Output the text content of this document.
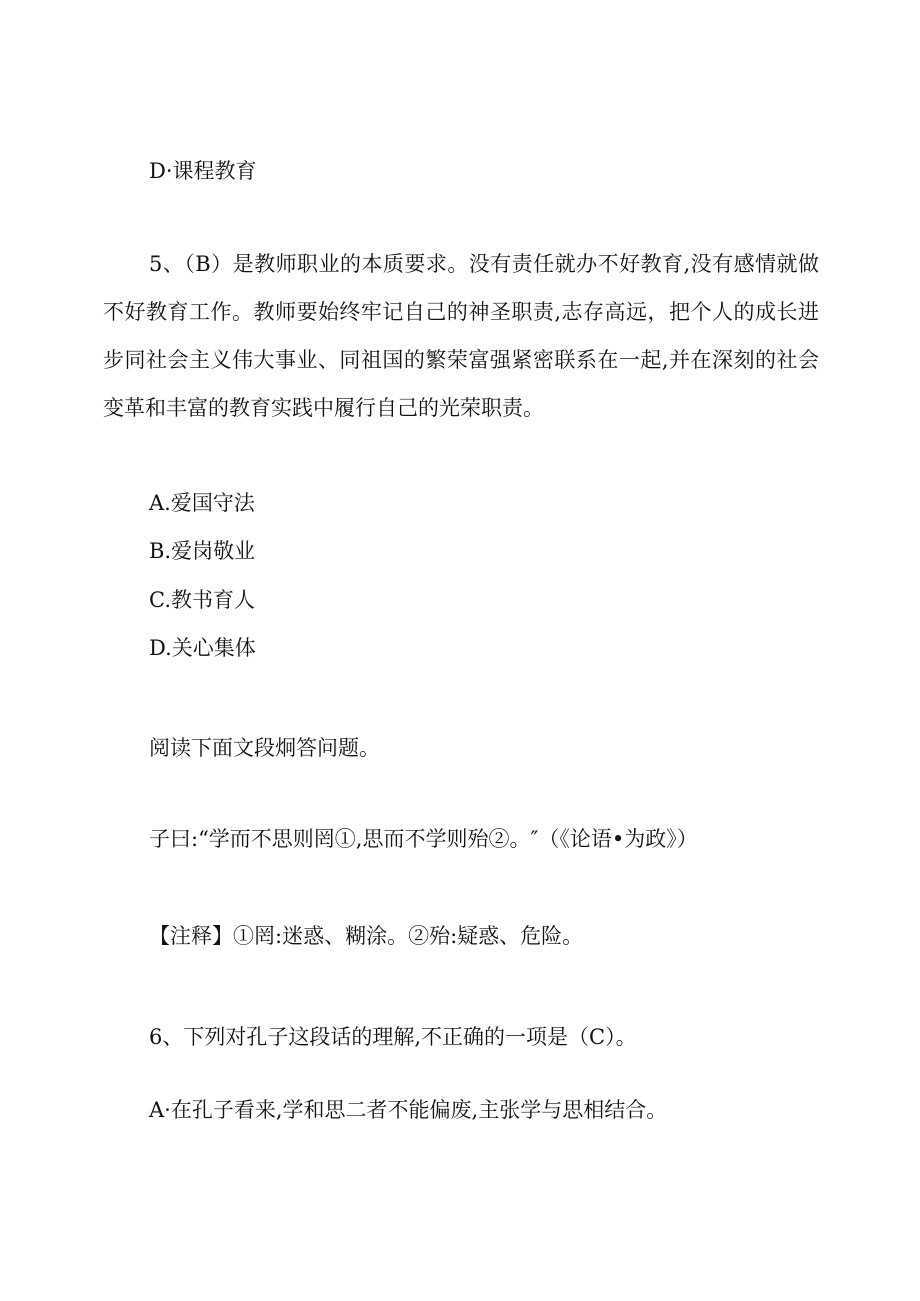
D·课程教育

5、（B）是教师职业的本质要求。没有责任就办不好教育,没有感情就做不好教育工作。教师要始终牢记自己的神圣职责,志存高远，把个人的成长进步同社会主义伟大事业、同祖国的繁荣富强紧密联系在一起,并在深刻的社会变革和丰富的教育实践中履行自己的光荣职责。

A.爱国守法
B.爱岗敬业
C.教书育人
D.关心集体
阅读下面文段炯答问题。
子曰:“学而不思则罔①,思而不学则殆②。″（《论语•为政》）
【注释】①罔:迷惑、糊涂。②殆:疑惑、危险。
6、下列对孔子这段话的理解,不正确的一项是（C）。
A·在孔子看来,学和思二者不能偏废,主张学与思相结合。
